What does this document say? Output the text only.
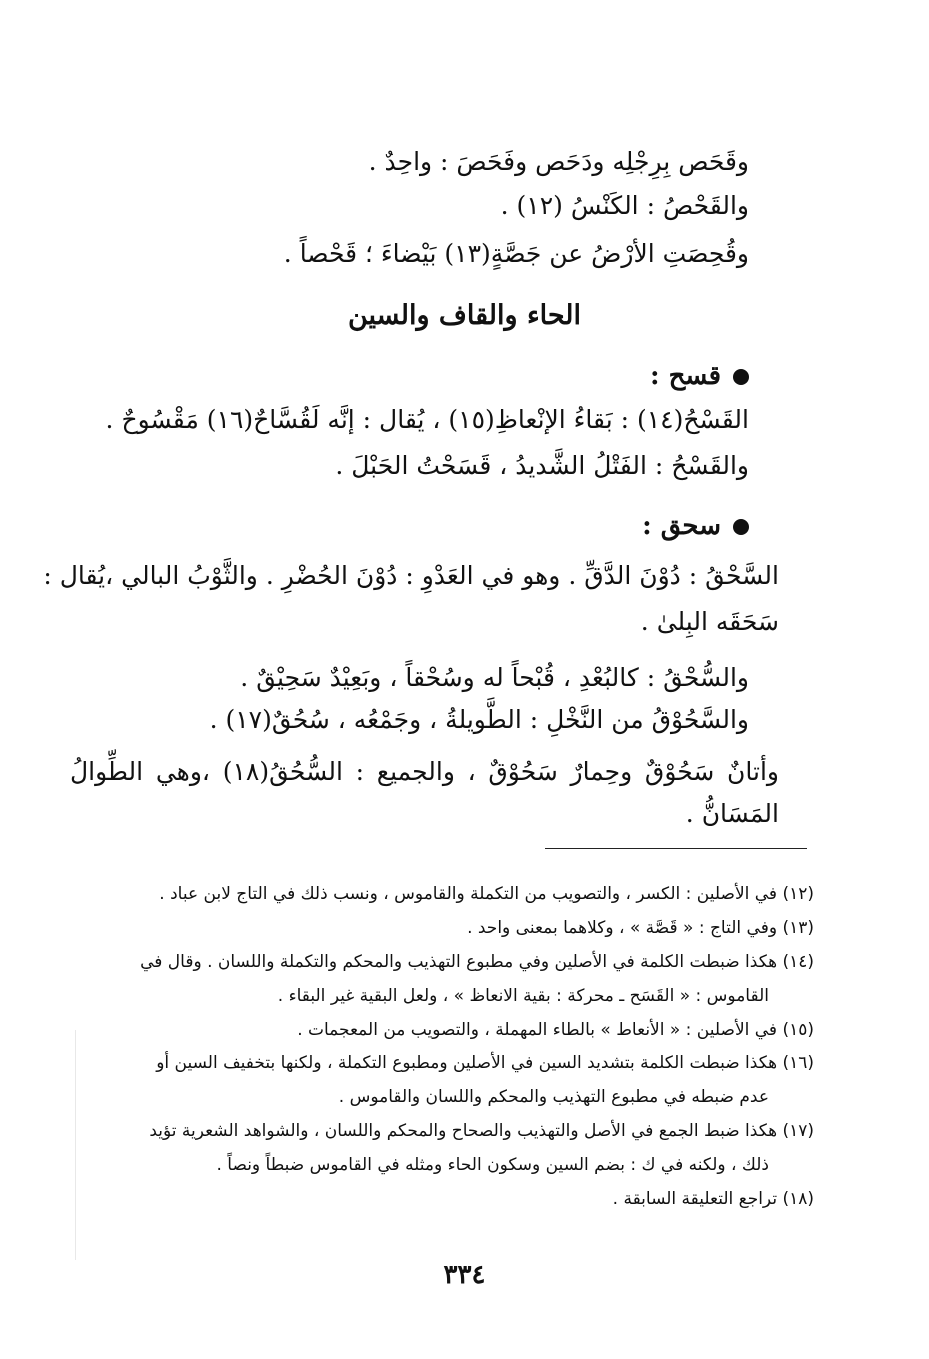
وقَحَص بِرِجْلِه ودَحَص وفَحَصَ : واحِدٌ .
والقَحْصُ : الكَنْسُ (١٢) .
وقُحِصَتِ الأرْضُ عن جَصَّةٍ(١٣) بَيْضاءَ ؛ قَحْصاً .
الحاء والقاف والسين
قسح :
القَسْحُ(١٤) : بَقاءُ الإنْعاظِ(١٥) ، يُقال : إنَّه لَقُسَّاحٌ(١٦) مَقْسُوحٌ .
والقَسْحُ : الفَتْلُ الشَّديدُ ، قَسَحْتُ الحَبْلَ .
سحق :
السَّحْقُ : دُوْنَ الدَّقِّ . وهو في العَدْوِ : دُوْنَ الحُضْرِ . والثَّوْبُ البالي ،يُقال :
سَحَقَه البِلىٰ .
والسُّحْقُ : كالبُعْدِ ، قُبْحاً له وسُحْقاً ، وبَعِيْدٌ سَحِيْقٌ .
والسَّحُوْقُ من النَّخْلِ : الطَّويلةُ ، وجَمْعُه ، سُحُقٌ(١٧) .
وأتانٌ سَحُوْقٌ وحِمارٌ سَحُوْقٌ ، والجميع : السُّحُقُ(١٨) ،وهي الطِّوالُ
المَسَانُّ .
(١٢) في الأصلين : الكسر ، والتصويب من التكملة والقاموس ، ونسب ذلك في التاج لابن عباد .
(١٣) وفي التاج : « قَصَّة » ، وكلاهما بمعنى واحد .
(١٤) هكذا ضبطت الكلمة في الأصلين وفي مطبوع التهذيب والمحكم والتكملة واللسان . وقال في
القاموس : « القَسَح ـ محركة : بقية الانعاظ » ، ولعل البقية غير البقاء .
(١٥) في الأصلين : « الأنعاط » بالطاء المهملة ، والتصويب من المعجمات .
(١٦) هكذا ضبطت الكلمة بتشديد السين في الأصلين ومطبوع التكملة ، ولكنها بتخفيف السين أو
عدم ضبطه في مطبوع التهذيب والمحكم واللسان والقاموس .
(١٧) هكذا ضبط الجمع في الأصل والتهذيب والصحاح والمحكم واللسان ، والشواهد الشعرية تؤيد
ذلك ، ولكنه في ك : بضم السين وسكون الحاء ومثله في القاموس ضبطاً ونصاً .
(١٨) تراجع التعليقة السابقة .
٣٣٤
